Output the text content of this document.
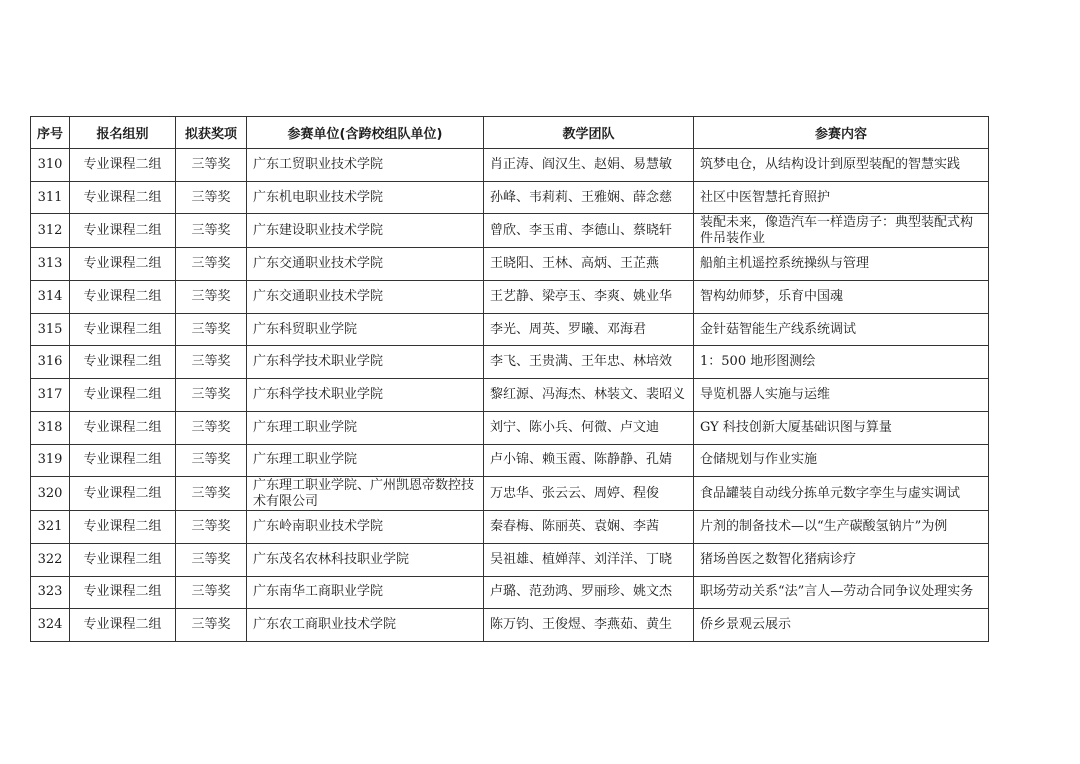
序号	报名组别	拟获奖项	参赛单位(含跨校组队单位)	教学团队	参赛内容
310	专业课程二组	三等奖	广东工贸职业技术学院	肖正涛、阎汉生、赵娟、易慧敏	筑梦电仓，从结构设计到原型装配的智慧实践
311	专业课程二组	三等奖	广东机电职业技术学院	孙峰、韦莉莉、王雅娴、薛念慈	社区中医智慧托育照护
312	专业课程二组	三等奖	广东建设职业技术学院	曾欣、李玉甫、李德山、蔡晓轩	装配未来，像造汽车一样造房子：典型装配式构件吊装作业
313	专业课程二组	三等奖	广东交通职业技术学院	王晓阳、王林、高炳、王芷燕	船舶主机遥控系统操纵与管理
314	专业课程二组	三等奖	广东交通职业技术学院	王艺静、梁亭玉、李爽、姚业华	智构幼师梦，乐育中国魂
315	专业课程二组	三等奖	广东科贸职业学院	李光、周英、罗曦、邓海君	金针菇智能生产线系统调试
316	专业课程二组	三等奖	广东科学技术职业学院	李飞、王贵满、王年忠、林培效	1：500 地形图测绘
317	专业课程二组	三等奖	广东科学技术职业学院	黎红源、冯海杰、林装文、裴昭义	导览机器人实施与运维
318	专业课程二组	三等奖	广东理工职业学院	刘宁、陈小兵、何微、卢文迪	GY 科技创新大厦基础识图与算量
319	专业课程二组	三等奖	广东理工职业学院	卢小锦、赖玉霞、陈静静、孔婧	仓储规划与作业实施
320	专业课程二组	三等奖	广东理工职业学院、广州凯恩帝数控技术有限公司	万忠华、张云云、周婷、程俊	食品罐装自动线分拣单元数字孪生与虚实调试
321	专业课程二组	三等奖	广东岭南职业技术学院	秦春梅、陈丽英、袁娴、李茜	片剂的制备技术—以“生产碳酸氢钠片”为例
322	专业课程二组	三等奖	广东茂名农林科技职业学院	吴祖雄、植婵萍、刘洋洋、丁晓	猪场兽医之数智化猪病诊疗
323	专业课程二组	三等奖	广东南华工商职业学院	卢璐、范劲鸿、罗丽珍、姚文杰	职场劳动关系“法”言人—劳动合同争议处理实务
324	专业课程二组	三等奖	广东农工商职业技术学院	陈万钧、王俊煜、李燕茹、黄生	侨乡景观云展示
